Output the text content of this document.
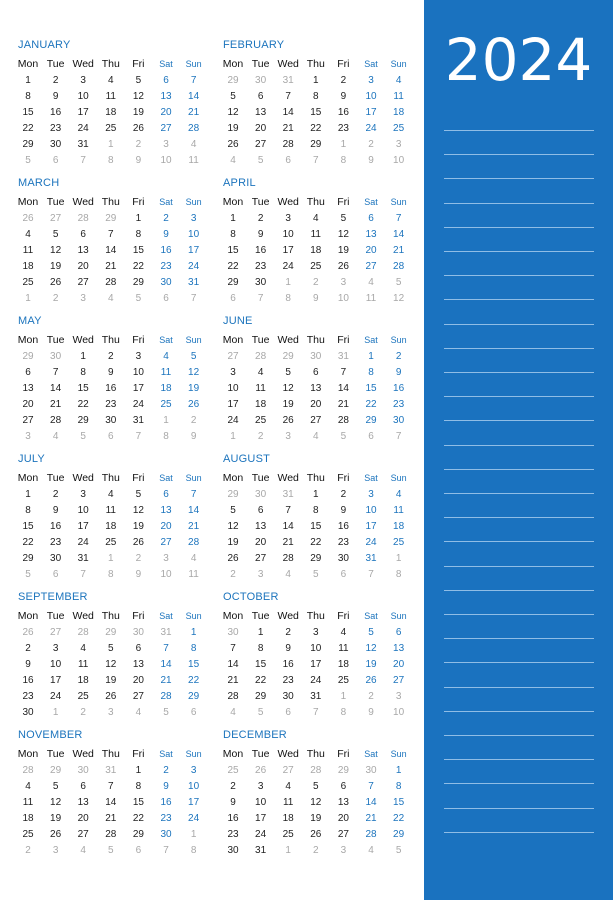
JANUARY
Mon Tue Wed Thu	Fri	Sat	Sun
1	2	3	4	5	6	7
8	9	10	11	12	13	14
15	16	17	18	19	20	21
22	23	24	25	26	27	28
29	30	31	1	2	3	4
5	6	7	8	9	10	11
FEBRUARY
Mon Tue Wed Thu	Fri	Sat	Sun
29	30	31	1	2	3	4
5	6	7	8	9	10	11
12	13	14	15	16	17	18
19	20	21	22	23	24	25
26	27	28	29	1	2	3
4	5	6	7	8	9	10
MARCH
Mon Tue Wed Thu	Fri	Sat	Sun
26	27	28	29	1	2	3
4	5	6	7	8	9	10
11	12	13	14	15	16	17
18	19	20	21	22	23	24
25	26	27	28	29	30	31
1	2	3	4	5	6	7
APRIL
Mon Tue Wed Thu	Fri	Sat	Sun
1	2	3	4	5	6	7
8	9	10	11	12	13	14
15	16	17	18	19	20	21
22	23	24	25	26	27	28
29	30	1	2	3	4	5
6	7	8	9	10	11	12
MAY
Mon Tue Wed Thu	Fri	Sat	Sun
29	30	1	2	3	4	5
6	7	8	9	10	11	12
13	14	15	16	17	18	19
20	21	22	23	24	25	26
27	28	29	30	31	1	2
3	4	5	6	7	8	9
JUNE
Mon Tue Wed Thu	Fri	Sat	Sun
27	28	29	30	31	1	2
3	4	5	6	7	8	9
10	11	12	13	14	15	16
17	18	19	20	21	22	23
24	25	26	27	28	29	30
1	2	3	4	5	6	7
JULY
Mon Tue Wed Thu	Fri	Sat	Sun
1	2	3	4	5	6	7
8	9	10	11	12	13	14
15	16	17	18	19	20	21
22	23	24	25	26	27	28
29	30	31	1	2	3	4
5	6	7	8	9	10	11
AUGUST
Mon Tue Wed Thu	Fri	Sat	Sun
29	30	31	1	2	3	4
5	6	7	8	9	10	11
12	13	14	15	16	17	18
19	20	21	22	23	24	25
26	27	28	29	30	31	1
2	3	4	5	6	7	8
SEPTEMBER
Mon Tue Wed Thu	Fri	Sat	Sun
26	27	28	29	30	31	1
2	3	4	5	6	7	8
9	10	11	12	13	14	15
16	17	18	19	20	21	22
23	24	25	26	27	28	29
30	1	2	3	4	5	6
OCTOBER
Mon Tue Wed Thu	Fri	Sat	Sun
30	1	2	3	4	5	6
7	8	9	10	11	12	13
14	15	16	17	18	19	20
21	22	23	24	25	26	27
28	29	30	31	1	2	3
4	5	6	7	8	9	10
NOVEMBER
Mon Tue Wed Thu	Fri	Sat	Sun
28	29	30	31	1	2	3
4	5	6	7	8	9	10
11	12	13	14	15	16	17
18	19	20	21	22	23	24
25	26	27	28	29	30	1
2	3	4	5	6	7	8
DECEMBER
Mon Tue Wed Thu	Fri	Sat	Sun
25	26	27	28	29	30	1
2	3	4	5	6	7	8
9	10	11	12	13	14	15
16	17	18	19	20	21	22
23	24	25	26	27	28	29
30	31	1	2	3	4	5
2024
